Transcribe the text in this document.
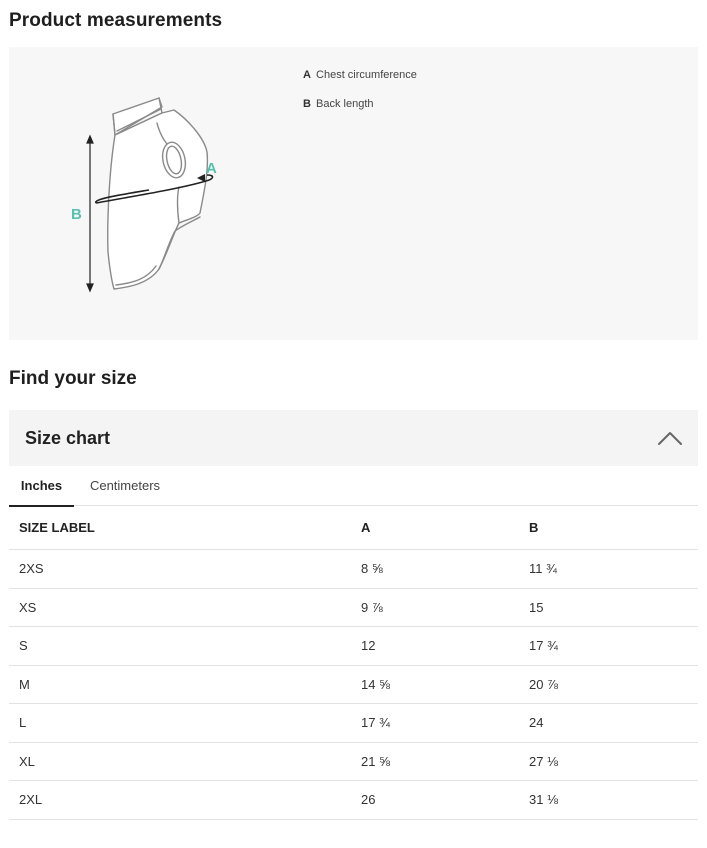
Product measurements
A
B
A Chest circumference
B Back length
Find your size
Size chart
Inches	Centimeters
SIZE LABEL	A	B
2XS	8 ⅝	11 ¾
XS	9 ⅞	15
S	12	17 ¾
M	14 ⅝	20 ⅞
L	17 ¾	24
XL	21 ⅝	27 ⅛
2XL	26	31 ⅛
